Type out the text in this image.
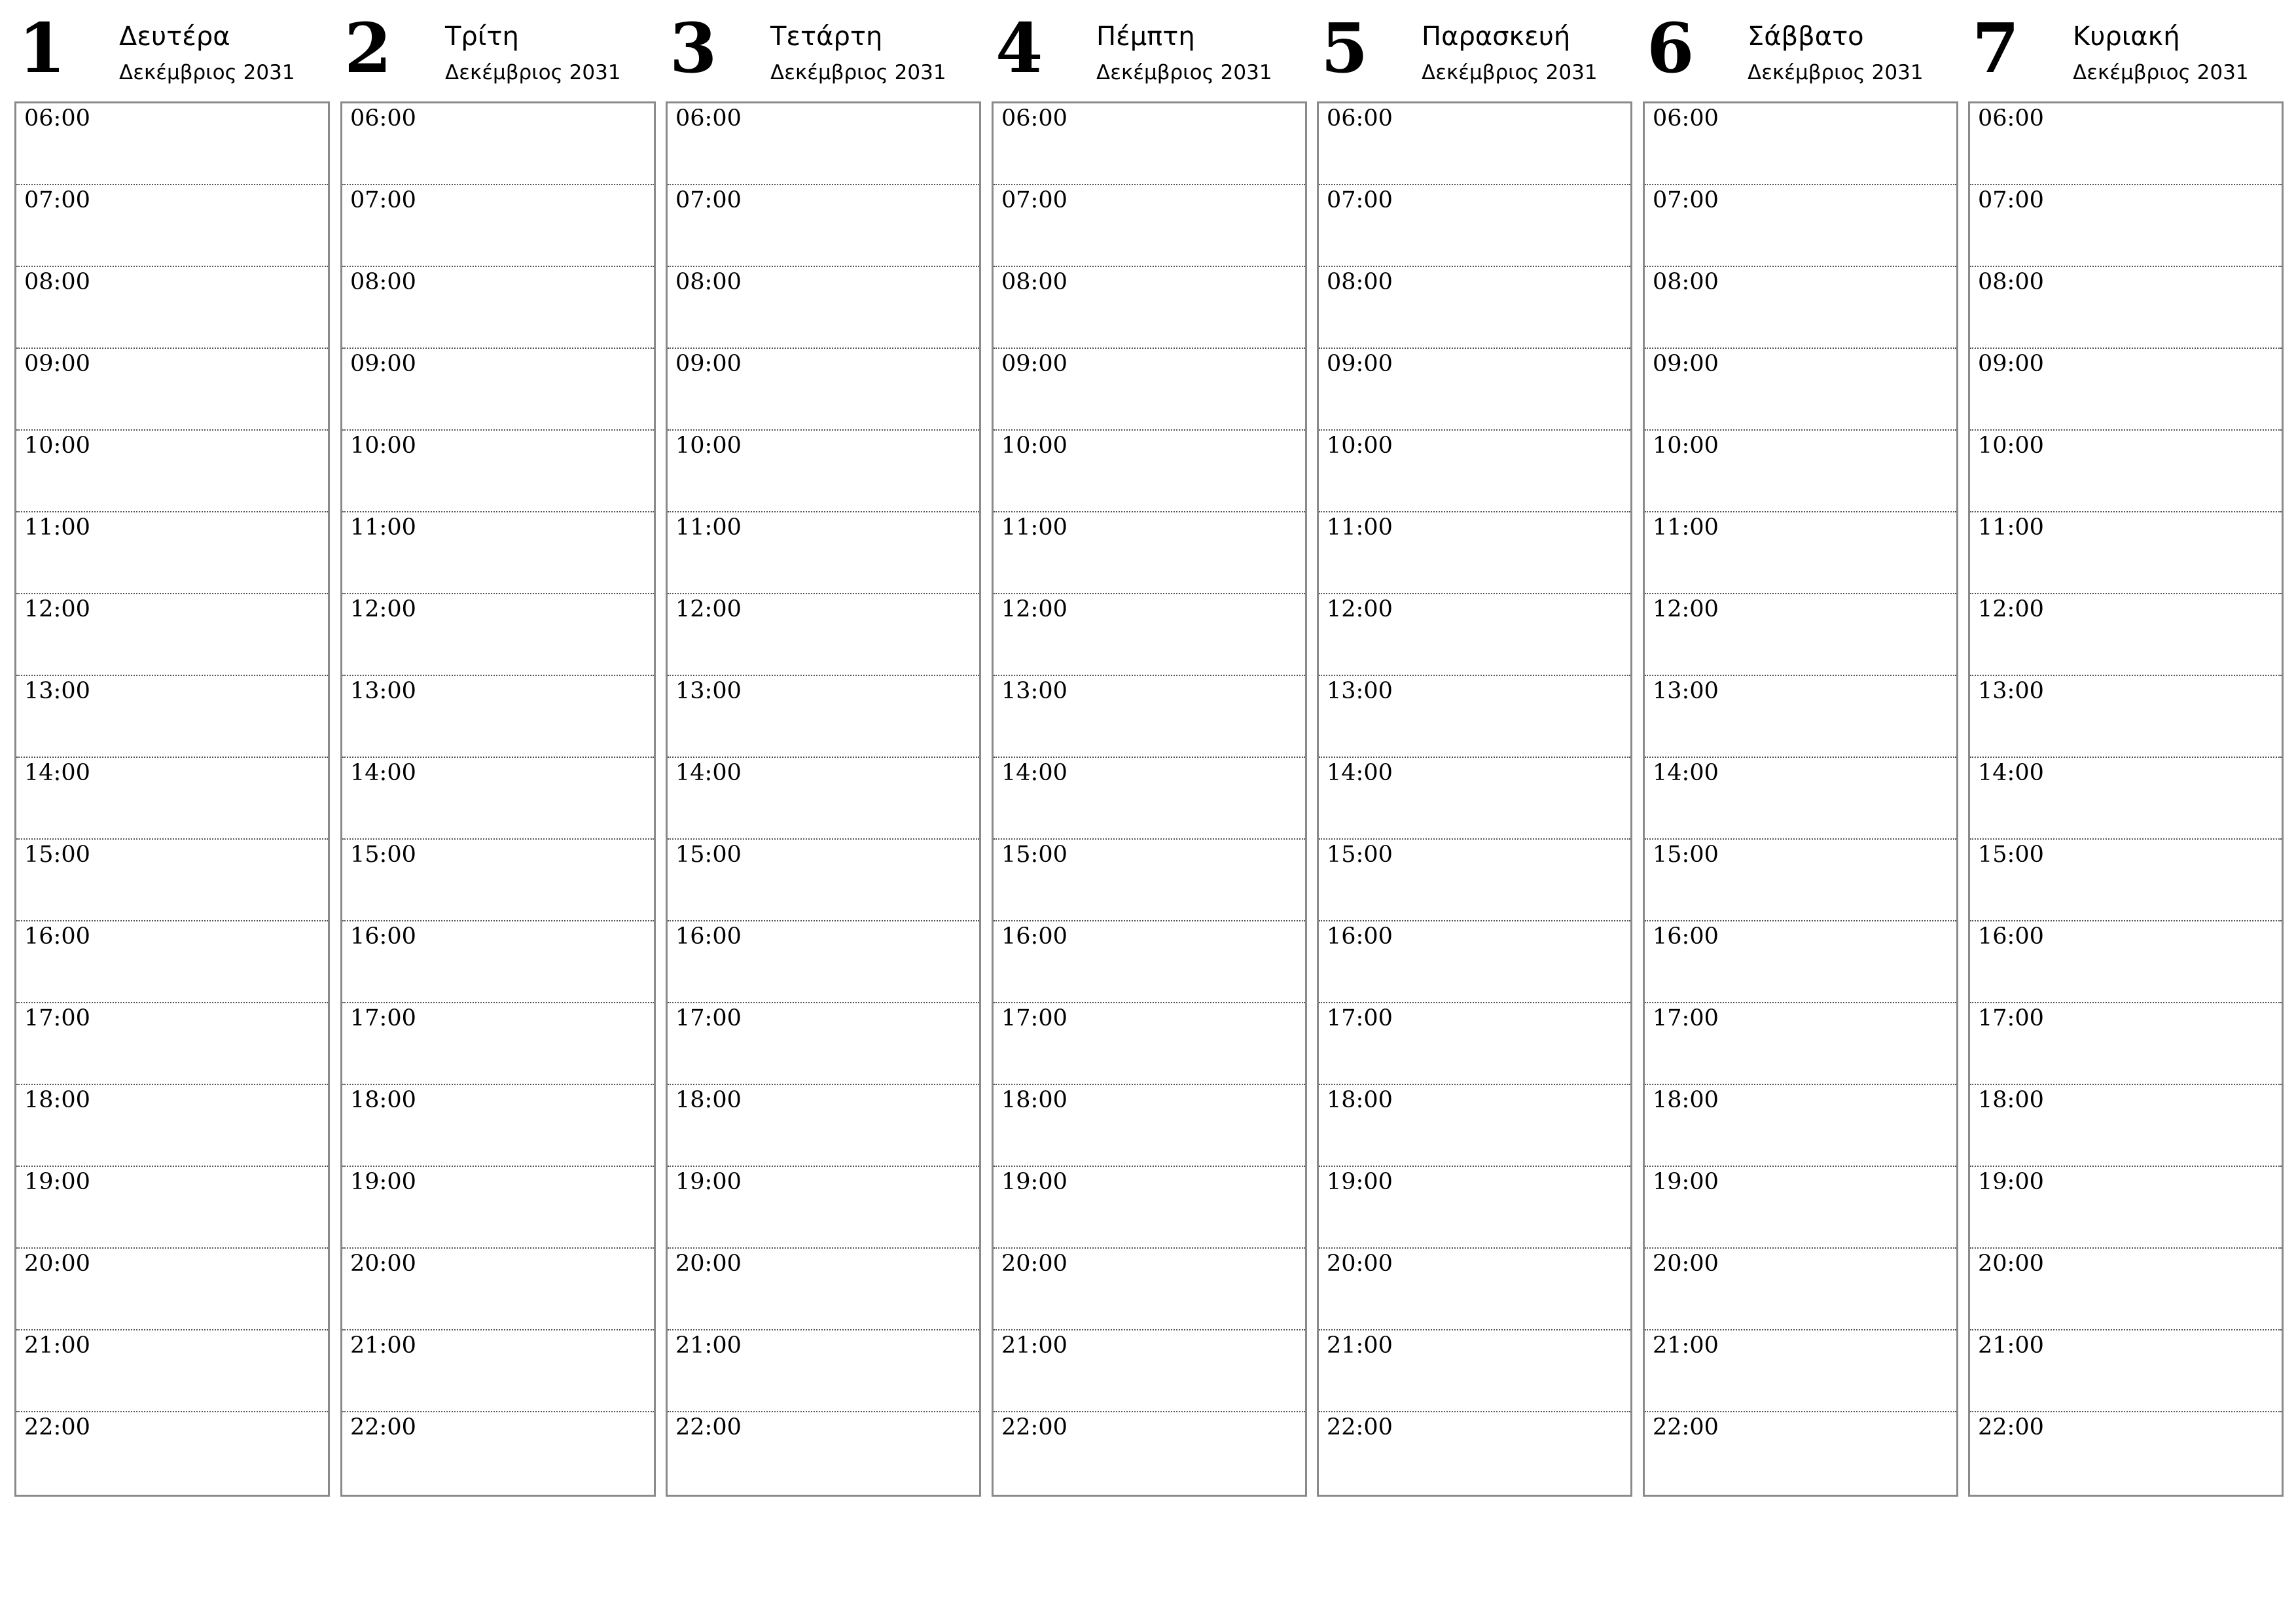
1 Δευτέρα
Δεκέμβριος 2031
06:00
07:00
08:00
09:00
10:00
11:00
12:00
13:00
14:00
15:00
16:00
17:00
18:00
19:00
20:00
21:00
22:00
2 Τρίτη
Δεκέμβριος 2031
06:00
07:00
08:00
09:00
10:00
11:00
12:00
13:00
14:00
15:00
16:00
17:00
18:00
19:00
20:00
21:00
22:00
3 Τετάρτη
Δεκέμβριος 2031
06:00
07:00
08:00
09:00
10:00
11:00
12:00
13:00
14:00
15:00
16:00
17:00
18:00
19:00
20:00
21:00
22:00
4 Πέμπτη
Δεκέμβριος 2031
06:00
07:00
08:00
09:00
10:00
11:00
12:00
13:00
14:00
15:00
16:00
17:00
18:00
19:00
20:00
21:00
22:00
5 Παρασκευή
Δεκέμβριος 2031
06:00
07:00
08:00
09:00
10:00
11:00
12:00
13:00
14:00
15:00
16:00
17:00
18:00
19:00
20:00
21:00
22:00
6 Σάββατο
Δεκέμβριος 2031
06:00
07:00
08:00
09:00
10:00
11:00
12:00
13:00
14:00
15:00
16:00
17:00
18:00
19:00
20:00
21:00
22:00
7 Κυριακή
Δεκέμβριος 2031
06:00
07:00
08:00
09:00
10:00
11:00
12:00
13:00
14:00
15:00
16:00
17:00
18:00
19:00
20:00
21:00
22:00
